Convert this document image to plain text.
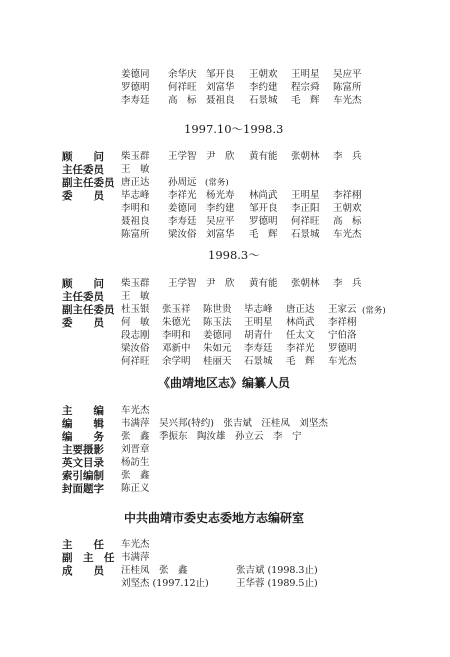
姜德同 余华庆 邹开良 王朝欢 王明星 吴应平
罗德明 何祥旺 刘富华 李约建 程宗舜 陈富所
李寿廷 高　标 聂祖良 石景城 毛　辉 车光杰
1997.10～1998.3
顾　　问 柴玉群 王学智 尹　欣 黄有能 张朝林 李　兵
主任委员 王　敏
副主任委员 唐正达 孙周远 (常务)
委　　员 毕志峰 李祥光 杨光寿 林尚武 王明星 李祥栩
李明和 姜德同 李约建 邹开良 李正阳 王朝欢
聂祖良 李寿廷 吴应平 罗德明 何祥旺 高　标
陈富所 梁汝俗 刘富华 毛　辉 石景城 车光杰
1998.3～
顾　　问 柴玉群 王学智 尹　欣 黄有能 张朝林 李　兵
主任委员 王　敏
副主任委员 杜玉银 张玉祥 陈世贵 毕志峰 唐正达 王家云 (常务)
委　　员 何　敏 朱德光 陈玉法 王明星 林尚武 李祥栩
段志刚 李明和 姜德同 胡青什 任太文 宁伯洛
梁汝俗 邓新中 朱如元 李寿廷 李祥光 罗德明
何祥旺 余学明 桂丽天 石景城 毛　辉 车光杰
《曲靖地区志》编纂人员
主　　编 车光杰
编　　辑 韦满萍　吴兴邦(特约)　张吉斌　汪桂凤　刘坚杰
编　　务 张　鑫　季振东　陶汝雄　孙立云　李　宁
主要摄影 刘晋章
英文目录 杨訪生
索引编制 张　鑫
封面题字 陈正义
中共曲靖市委史志委地方志编研室
主　　任 车光杰
副　主　任 韦满萍
成　　员 汪桂凤　张　鑫	张吉斌 (1998.3止)
刘坚杰 (1997.12止)	王华蓉 (1989.5止)
